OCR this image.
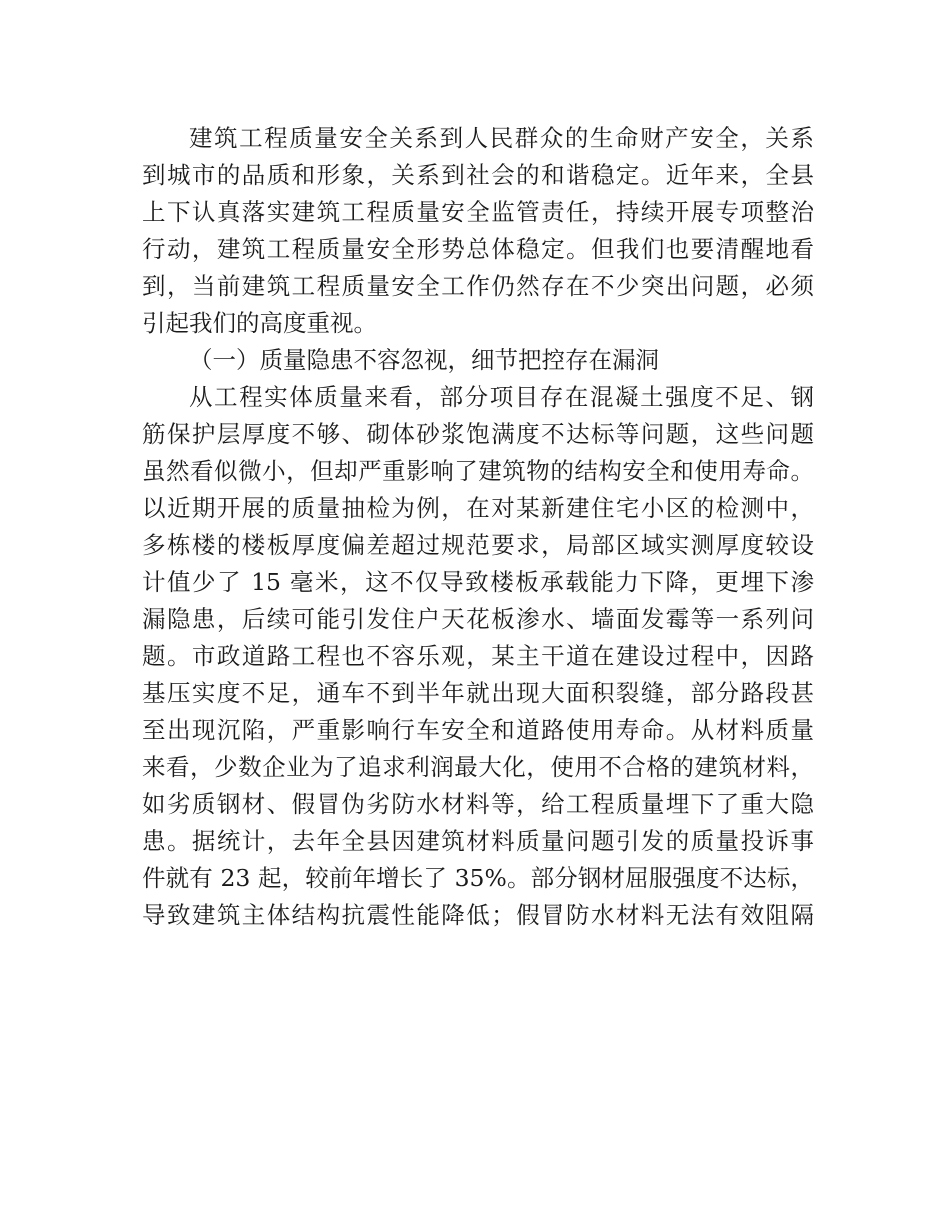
建筑工程质量安全关系到人民群众的生命财产安全，关系
到城市的品质和形象，关系到社会的和谐稳定。近年来，全县
上下认真落实建筑工程质量安全监管责任，持续开展专项整治
行动，建筑工程质量安全形势总体稳定。但我们也要清醒地看
到，当前建筑工程质量安全工作仍然存在不少突出问题，必须
引起我们的高度重视。
（一）质量隐患不容忽视，细节把控存在漏洞
从工程实体质量来看，部分项目存在混凝土强度不足、钢
筋保护层厚度不够、砌体砂浆饱满度不达标等问题，这些问题
虽然看似微小，但却严重影响了建筑物的结构安全和使用寿命。
以近期开展的质量抽检为例，在对某新建住宅小区的检测中，
多栋楼的楼板厚度偏差超过规范要求，局部区域实测厚度较设
计值少了 15 毫米，这不仅导致楼板承载能力下降，更埋下渗
漏隐患，后续可能引发住户天花板渗水、墙面发霉等一系列问
题。市政道路工程也不容乐观，某主干道在建设过程中，因路
基压实度不足，通车不到半年就出现大面积裂缝，部分路段甚
至出现沉陷，严重影响行车安全和道路使用寿命。从材料质量
来看，少数企业为了追求利润最大化，使用不合格的建筑材料，
如劣质钢材、假冒伪劣防水材料等，给工程质量埋下了重大隐
患。据统计，去年全县因建筑材料质量问题引发的质量投诉事
件就有 23 起，较前年增长了 35%。部分钢材屈服强度不达标，
导致建筑主体结构抗震性能降低；假冒防水材料无法有效阻隔
